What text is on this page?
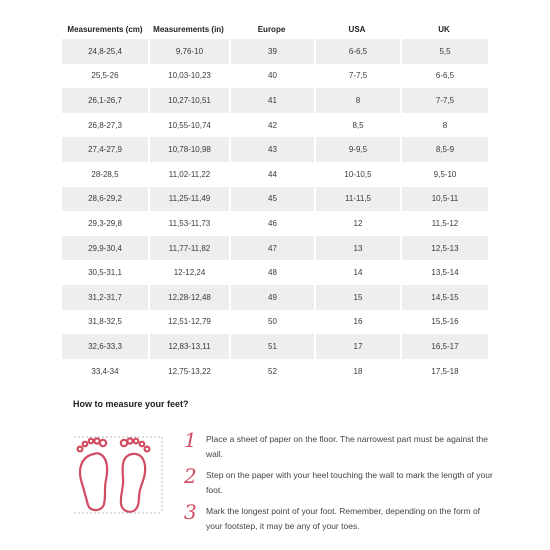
Measurements (cm)	Measurements (in)	Europe	USA	UK
24,8-25,4	9,76-10	39	6-6,5	5,5
25,5-26	10,03-10,23	40	7-7,5	6-6,5
26,1-26,7	10,27-10,51	41	8	7-7,5
26,8-27,3	10,55-10,74	42	8,5	8
27,4-27,9	10,78-10,98	43	9-9,5	8,5-9
28-28,5	11,02-11,22	44	10-10,5	9,5-10
28,6-29,2	11,25-11,49	45	11-11,5	10,5-11
29,3-29,8	11,53-11,73	46	12	11,5-12
29,9-30,4	11,77-11,82	47	13	12,5-13
30,5-31,1	12-12,24	48	14	13,5-14
31,2-31,7	12,28-12,48	49	15	14,5-15
31,8-32,5	12,51-12,79	50	16	15,5-16
32,6-33,3	12,83-13,11	51	17	16,5-17
33,4-34	12,75-13,22	52	18	17,5-18
How to measure your feet?
1	Place a sheet of paper on the floor. The narrowest part must be against the wall.
2	Step on the paper with your heel touching the wall to mark the length of your foot.
3	Mark the longest point of your foot. Remember, depending on the form of your footstep, it may be any of your toes.
